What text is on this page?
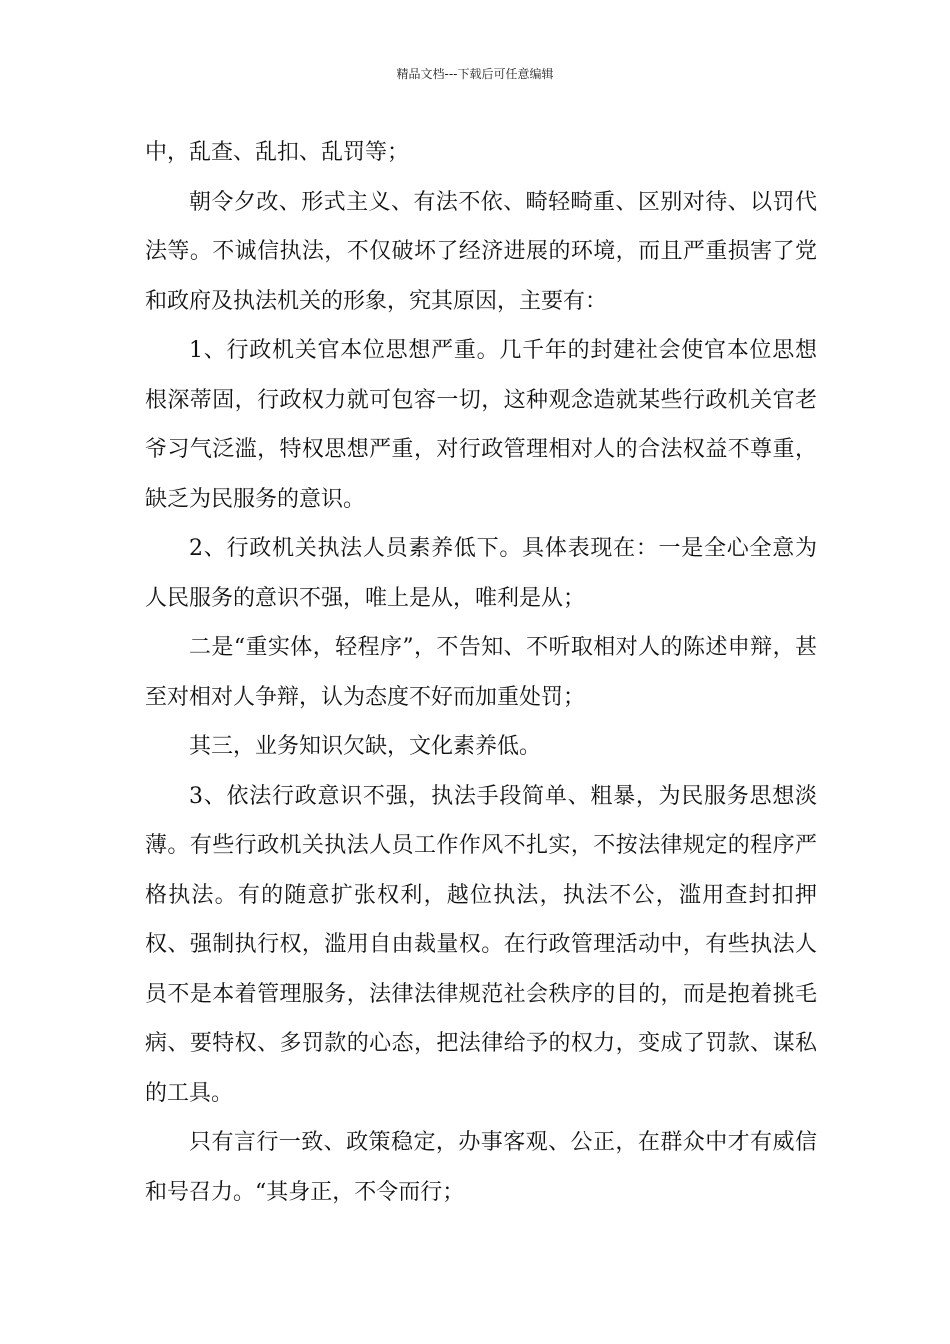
精品文档---下载后可任意编辑

中，乱查、乱扣、乱罚等；

朝令夕改、形式主义、有法不依、畸轻畸重、区别对待、以罚代法等。不诚信执法，不仅破坏了经济进展的环境，而且严重损害了党和政府及执法机关的形象，究其原因，主要有：

1、行政机关官本位思想严重。几千年的封建社会使官本位思想根深蒂固，行政权力就可包容一切，这种观念造就某些行政机关官老爷习气泛滥，特权思想严重，对行政管理相对人的合法权益不尊重，缺乏为民服务的意识。

2、行政机关执法人员素养低下。具体表现在：一是全心全意为人民服务的意识不强，唯上是从，唯利是从；

二是“重实体，轻程序”，不告知、不听取相对人的陈述申辩，甚至对相对人争辩，认为态度不好而加重处罚；

其三，业务知识欠缺，文化素养低。

3、依法行政意识不强，执法手段简单、粗暴，为民服务思想淡薄。有些行政机关执法人员工作作风不扎实，不按法律规定的程序严格执法。有的随意扩张权利，越位执法，执法不公，滥用查封扣押权、强制执行权，滥用自由裁量权。在行政管理活动中，有些执法人员不是本着管理服务，法律法律规范社会秩序的目的，而是抱着挑毛病、要特权、多罚款的心态，把法律给予的权力，变成了罚款、谋私的工具。

只有言行一致、政策稳定，办事客观、公正，在群众中才有威信和号召力。“其身正，不令而行；
